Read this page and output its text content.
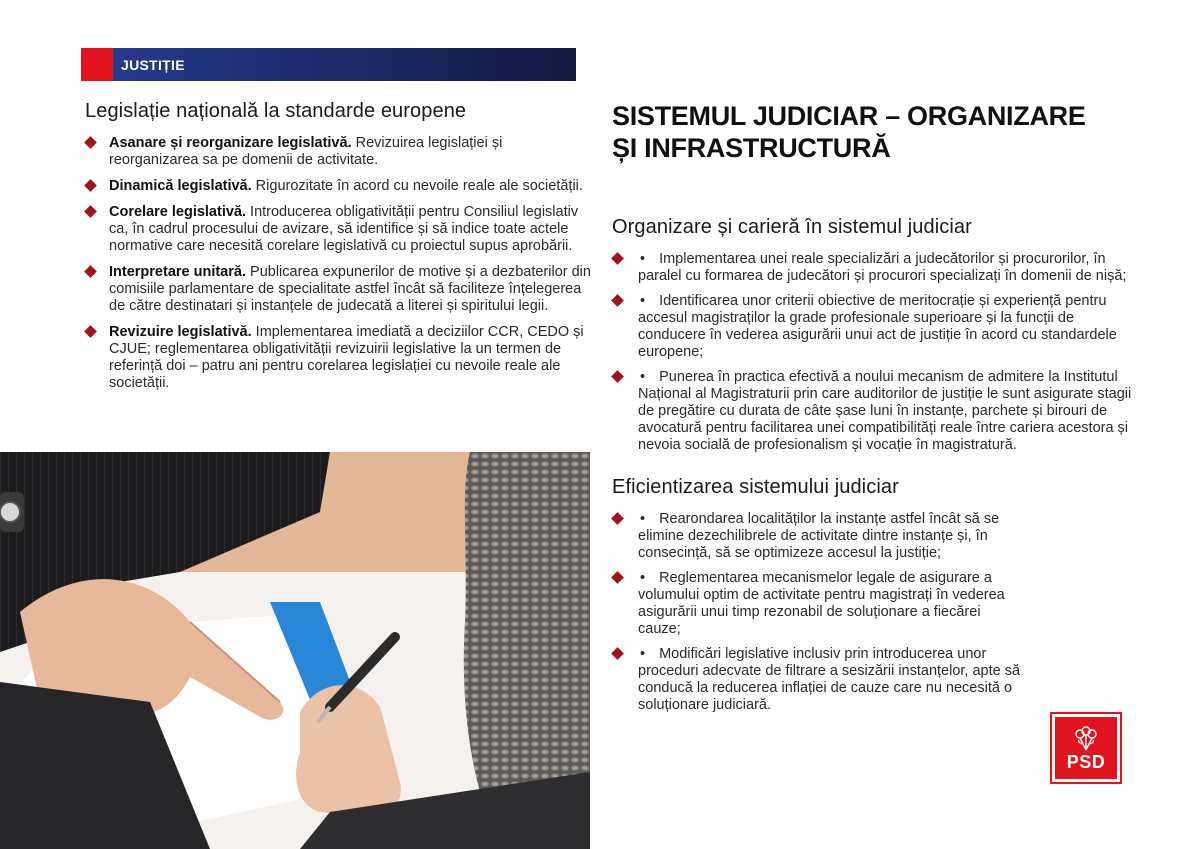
JUSTIȚIE
Legislație națională la standarde europene
Asanare și reorganizare legislativă. Revizuirea legislației și reorganizarea sa pe domenii de activitate.
Dinamică legislativă. Rigurozitate în acord cu nevoile reale ale societății.
Corelare legislativă. Introducerea obligativității pentru Consiliul legislativ ca, în cadrul procesului de avizare, să identifice și să indice toate actele normative care necesită corelare legislativă cu proiectul supus aprobării.
Interpretare unitară. Publicarea expunerilor de motive și a dezbaterilor din comisiile parlamentare de specialitate astfel încât să faciliteze înțelegerea de către destinatari și instanțele de judecată a literei și spiritului legii.
Revizuire legislativă. Implementarea imediată a deciziilor CCR, CEDO și CJUE; reglementarea obligativității revizuirii legislative la un termen de referință doi – patru ani pentru corelarea legislației cu nevoile reale ale societății.
SISTEMUL JUDICIAR – ORGANIZARE
ȘI INFRASTRUCTURĂ
Organizare și carieră în sistemul judiciar
• Implementarea unei reale specializări a judecătorilor și procurorilor, în paralel cu formarea de judecători și procurori specializați în domenii de nișă;
• Identificarea unor criterii obiective de meritocrație și experiență pentru accesul magistraților la grade profesionale superioare și la funcții de conducere în vederea asigurării unui act de justiție în acord cu standardele europene;
• Punerea în practica efectivă a noului mecanism de admitere la Institutul Național al Magistraturii prin care auditorilor de justiție le sunt asigurate stagii de pregătire cu durata de câte șase luni în instanțe, parchete și birouri de avocatură pentru facilitarea unei compatibilități reale între cariera acestora și nevoia socială de profesionalism și vocație în magistratură.
Eficientizarea sistemului judiciar
• Rearondarea localităților la instanțe astfel încât să se elimine dezechilibrele de activitate dintre instanțe și, în consecință, să se optimizeze accesul la justiție;
• Reglementarea mecanismelor legale de asigurare a volumului optim de activitate pentru magistrați în vederea asigurării unui timp rezonabil de soluționare a fiecărei cauze;
• Modificări legislative inclusiv prin introducerea unor proceduri adecvate de filtrare a sesizării instanțelor, apte să conducă la reducerea inflației de cauze care nu necesită o soluționare judiciară.
PSD
